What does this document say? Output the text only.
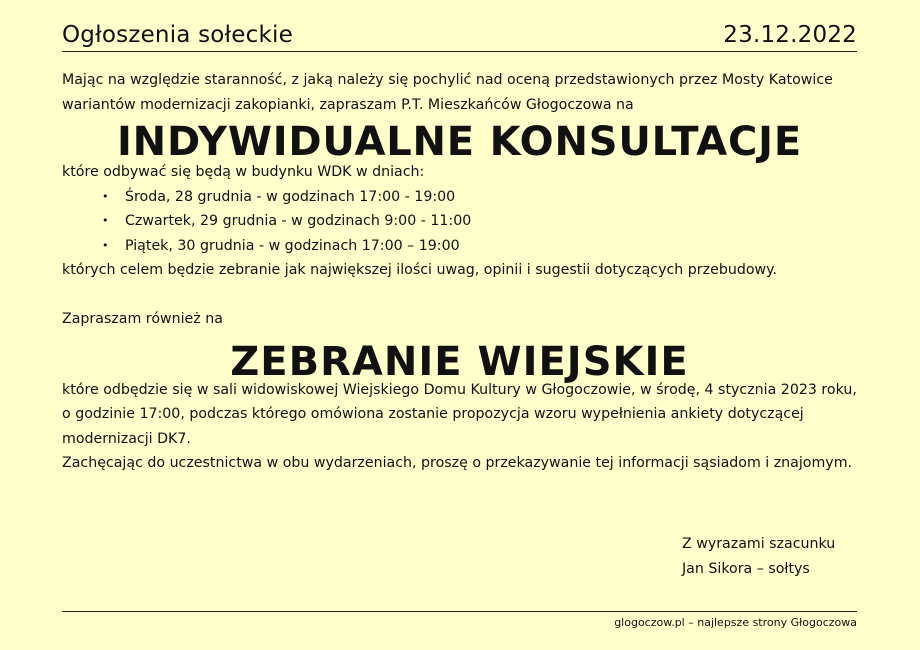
Ogłoszenia sołeckie	23.12.2022

Mając na względzie staranność, z jaką należy się pochylić nad oceną przedstawionych przez Mosty Katowice wariantów modernizacji zakopianki, zapraszam P.T. Mieszkańców Głogoczowa na

INDYWIDUALNE KONSULTACJE

które odbywać się będą w budynku WDK w dniach:

• Środa, 28 grudnia - w godzinach 17:00 - 19:00
• Czwartek, 29 grudnia - w godzinach 9:00 - 11:00
• Piątek, 30 grudnia - w godzinach 17:00 – 19:00

których celem będzie zebranie jak największej ilości uwag, opinii i sugestii dotyczących przebudowy.

Zapraszam również na

ZEBRANIE WIEJSKIE

które odbędzie się w sali widowiskowej Wiejskiego Domu Kultury w Głogoczowie, w środę, 4 stycznia 2023 roku, o godzinie 17:00, podczas którego omówiona zostanie propozycja wzoru wypełnienia ankiety dotyczącej modernizacji DK7.

Zachęcając do uczestnictwa w obu wydarzeniach, proszę o przekazywanie tej informacji sąsiadom i znajomym.

Z wyrazami szacunku
Jan Sikora – sołtys
glogoczow.pl – najlepsze strony Głogoczowa
